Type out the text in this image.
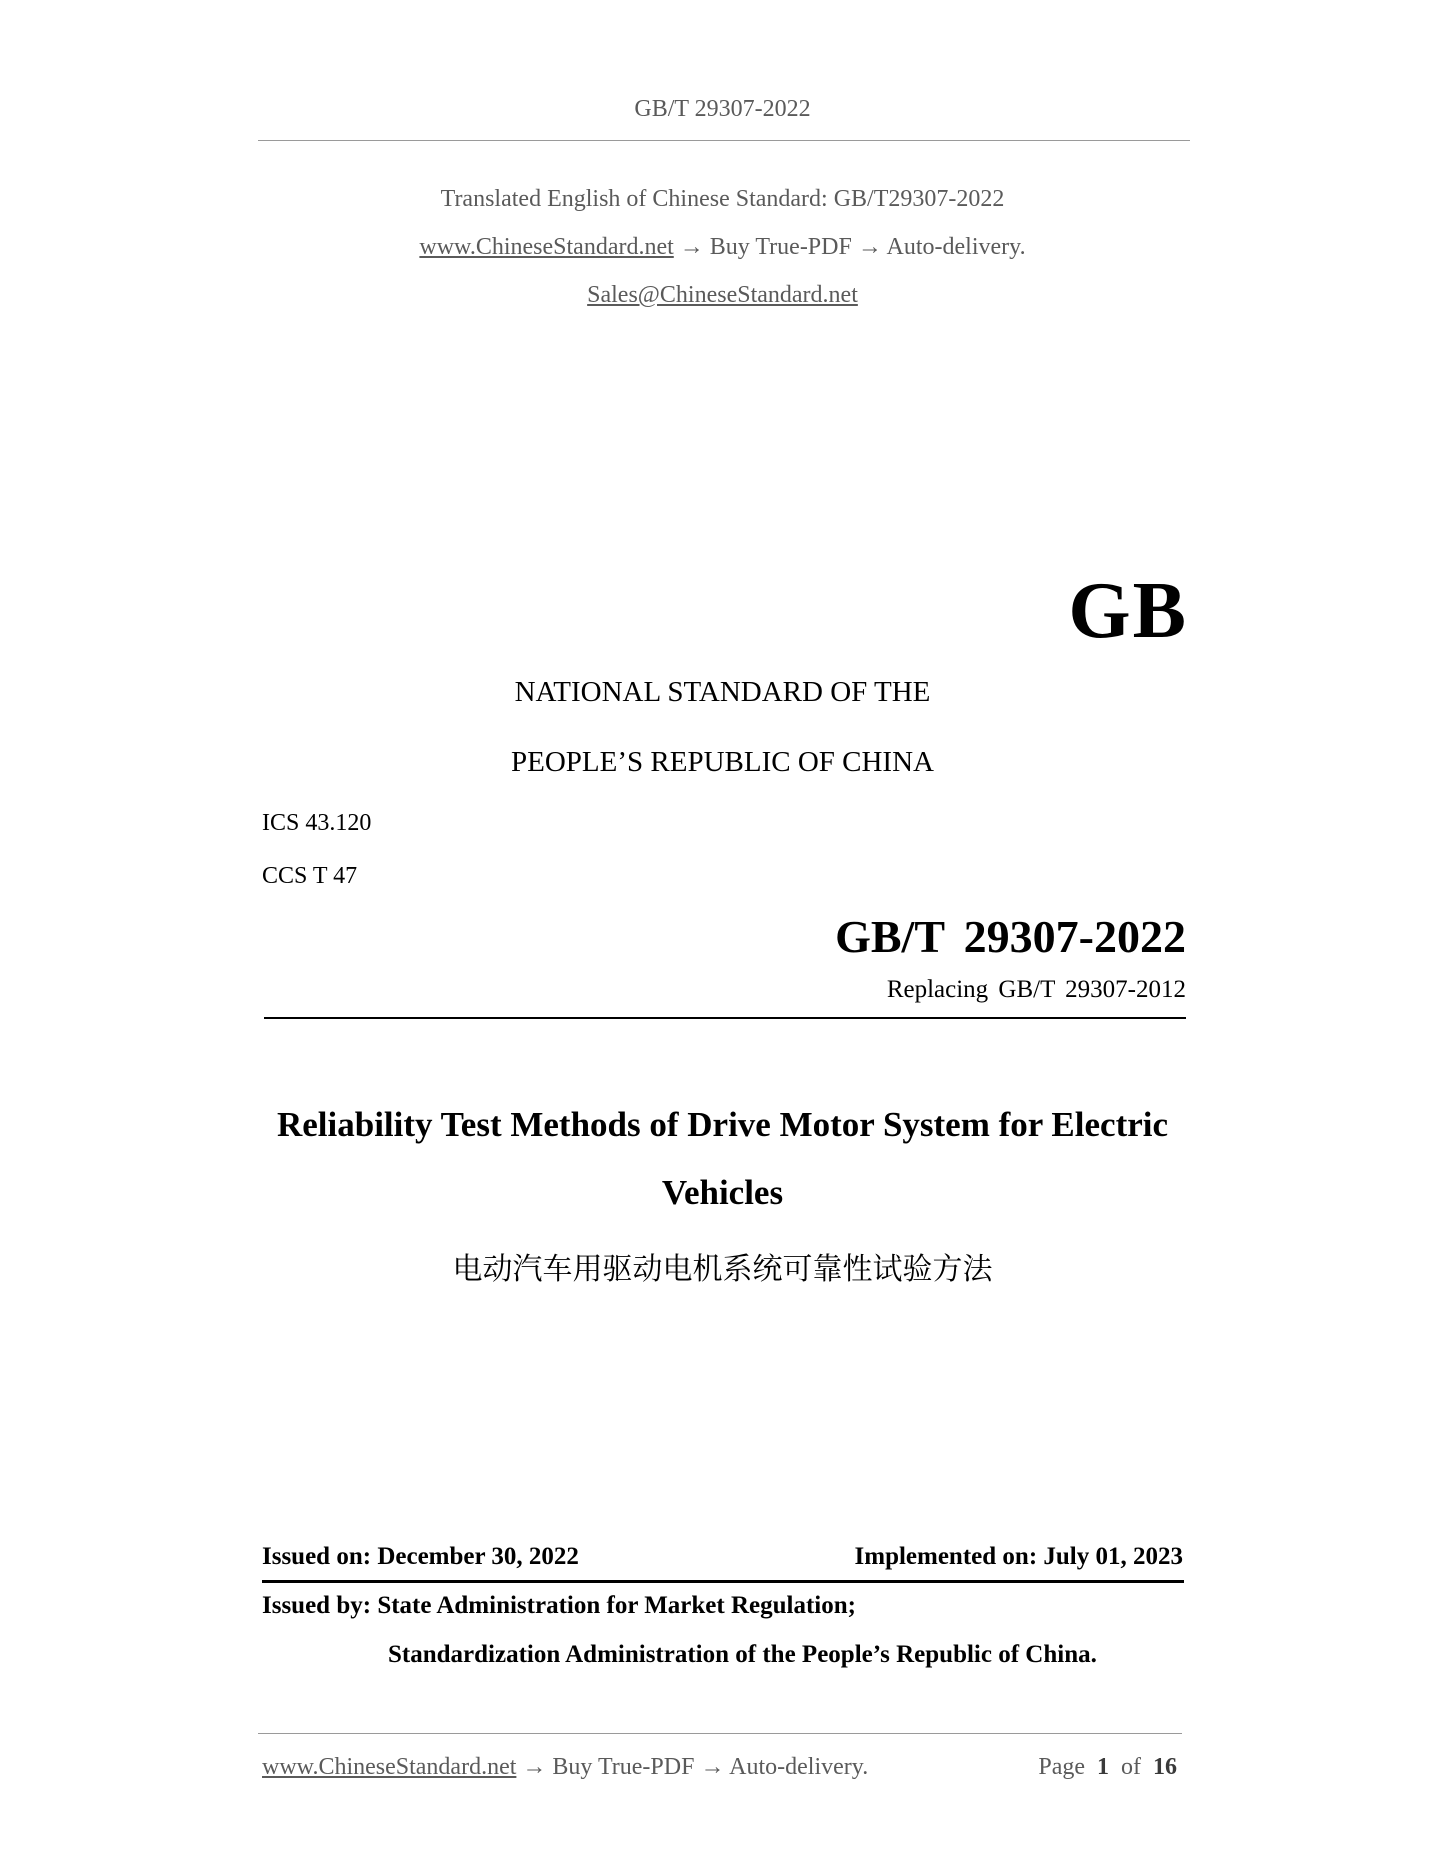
GB/T 29307-2022
Translated English of Chinese Standard: GB/T29307-2022
www.ChineseStandard.net → Buy True-PDF → Auto-delivery.
Sales@ChineseStandard.net
GB
NATIONAL STANDARD OF THE
PEOPLE’S REPUBLIC OF CHINA
ICS 43.120
CCS T 47
GB/T 29307-2022
Replacing GB/T 29307-2012
Reliability Test Methods of Drive Motor System for Electric
Vehicles
电动汽车用驱动电机系统可靠性试验方法
Issued on: December 30, 2022	Implemented on: July 01, 2023
Issued by: State Administration for Market Regulation;
Standardization Administration of the People’s Republic of China.
www.ChineseStandard.net → Buy True-PDF → Auto-delivery.	Page 1 of 16
